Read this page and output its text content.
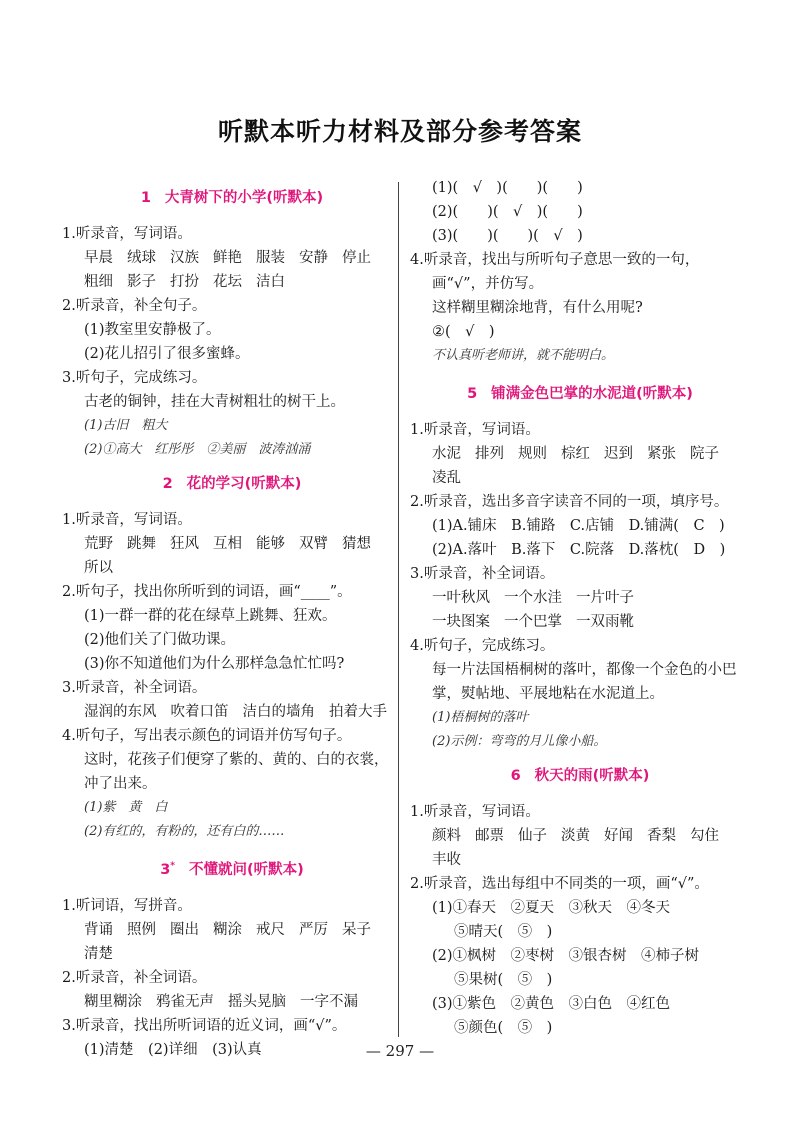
听默本听力材料及部分参考答案
1 大青树下的小学(听默本)
1.听录音，写词语。
早晨 绒球 汉族 鲜艳 服装 安静 停止
粗细 影子 打扮 花坛 洁白
2.听录音，补全句子。
(1)教室里安静极了。
(2)花儿招引了很多蜜蜂。
3.听句子，完成练习。
古老的铜钟，挂在大青树粗壮的树干上。
(1)古旧　粗大
(2)①高大　红彤彤　②美丽　波涛汹涌
2 花的学习(听默本)
1.听录音，写词语。
荒野 跳舞 狂风 互相 能够 双臂 猜想
所以
2.听句子，找出你所听到的词语，画“____”。
(1)一群一群的花在绿草上跳舞、狂欢。
(2)他们关了门做功课。
(3)你不知道他们为什么那样急急忙忙吗?
3.听录音，补全词语。
湿润的东风 吹着口笛 洁白的墙角 拍着大手
4.听句子，写出表示颜色的词语并仿写句子。
这时，花孩子们便穿了紫的、黄的、白的衣裳，冲了出来。
(1)紫　黄　白
(2)有红的，有粉的，还有白的……
3* 不懂就问(听默本)
1.听词语，写拼音。
背诵 照例 圈出 糊涂 戒尺 严厉 呆子
清楚
2.听录音，补全词语。
糊里糊涂 鸦雀无声 摇头晃脑 一字不漏
3.听录音，找出所听词语的近义词，画“√”。
(1)清楚　(2)详细　(3)认真
(1)(　√　)(　　)(　　)
(2)(　　)(　√　)(　　)
(3)(　　)(　　)(　√　)
4.听录音，找出与所听句子意思一致的一句，画“√”，并仿写。
这样糊里糊涂地背，有什么用呢?
②(　√　)
不认真听老师讲，就不能明白。
5 铺满金色巴掌的水泥道(听默本)
1.听录音，写词语。
水泥 排列 规则 棕红 迟到 紧张 院子
凌乱
2.听录音，选出多音字读音不同的一项，填序号。
(1)A.铺床　B.铺路　C.店铺　D.铺满(　C　)
(2)A.落叶　B.落下　C.院落　D.落枕(　D　)
3.听录音，补全词语。
一叶秋风 一个水洼 一片叶子
一块图案 一个巴掌 一双雨靴
4.听句子，完成练习。
每一片法国梧桐树的落叶，都像一个金色的小巴掌，熨帖地、平展地粘在水泥道上。
(1)梧桐树的落叶
(2)示例：弯弯的月儿像小船。
6 秋天的雨(听默本)
1.听录音，写词语。
颜料 邮票 仙子 淡黄 好闻 香梨 勾住
丰收
2.听录音，选出每组中不同类的一项，画“√”。
(1)①春天　②夏天　③秋天　④冬天
⑤晴天(　⑤　)
(2)①枫树　②枣树　③银杏树　④柿子树
⑤果树(　⑤　)
(3)①紫色　②黄色　③白色　④红色
⑤颜色(　⑤　)
— 297 —
